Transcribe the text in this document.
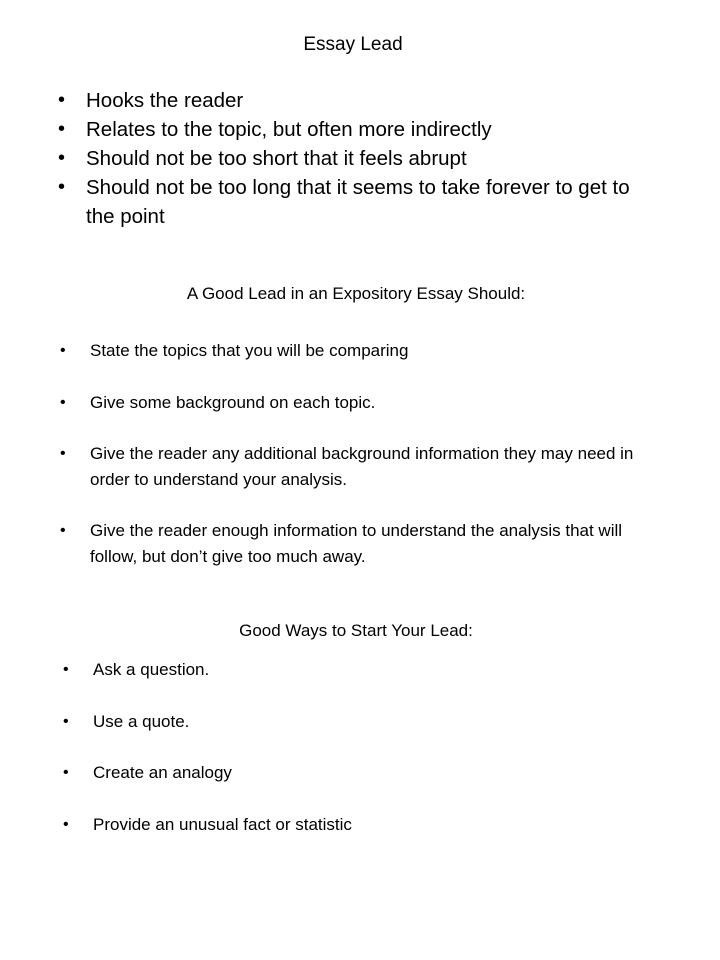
Essay Lead
• Hooks the reader
• Relates to the topic, but often more indirectly
• Should not be too short that it feels abrupt
• Should not be too long that it seems to take forever to get to the point
A Good Lead in an Expository Essay Should:
• State the topics that you will be comparing
• Give some background on each topic.
• Give the reader any additional background information they may need in order to understand your analysis.
• Give the reader enough information to understand the analysis that will follow, but don’t give too much away.
Good Ways to Start Your Lead:
• Ask a question.
• Use a quote.
• Create an analogy
• Provide an unusual fact or statistic
